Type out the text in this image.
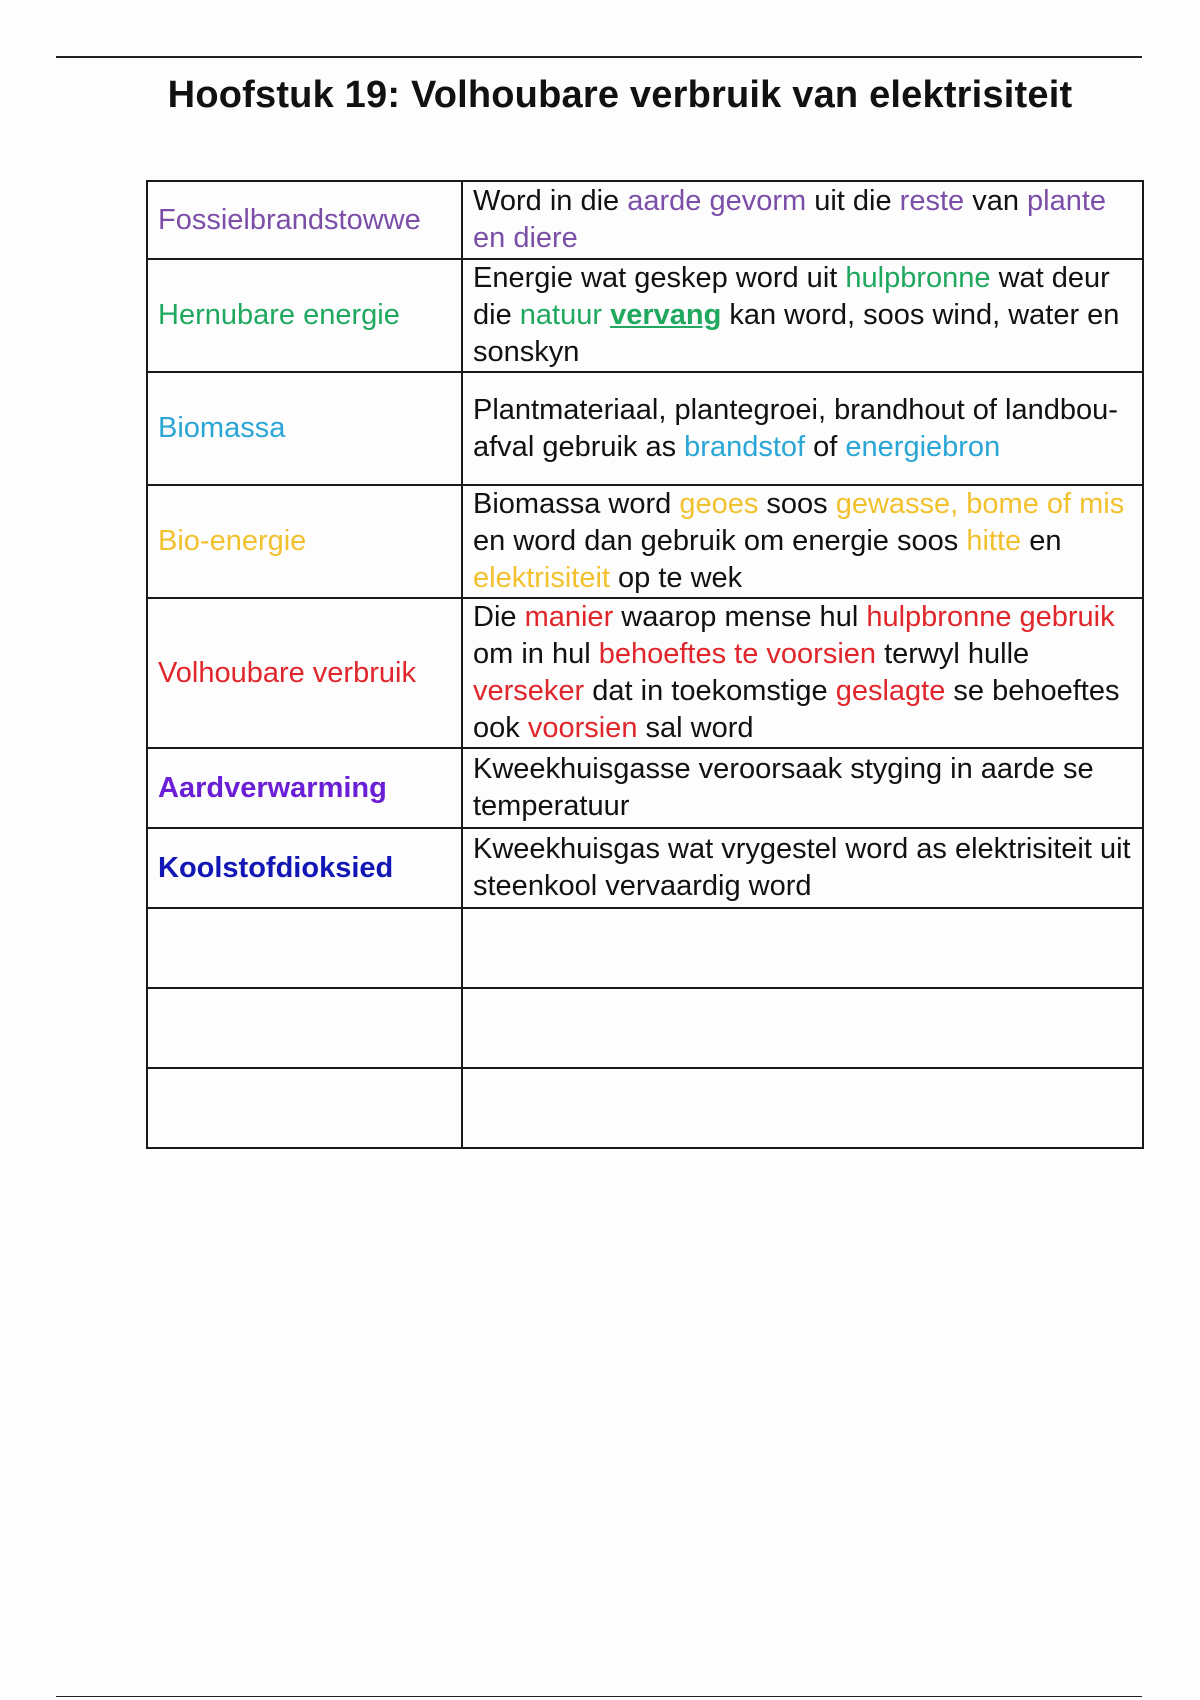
Hoofstuk 19: Volhoubare verbruik van elektrisiteit
Fossielbrandstowwe	Word in die aarde gevorm uit die reste van plante en diere
Hernubare energie	Energie wat geskep word uit hulpbronne wat deur die natuur vervang kan word, soos wind, water en sonskyn
Biomassa	Plantmateriaal, plantegroei, brandhout of landbou-afval gebruik as brandstof of energiebron
Bio-energie	Biomassa word geoes soos gewasse, bome of mis en word dan gebruik om energie soos hitte en elektrisiteit op te wek
Volhoubare verbruik	Die manier waarop mense hul hulpbronne gebruik om in hul behoeftes te voorsien terwyl hulle verseker dat in toekomstige geslagte se behoeftes ook voorsien sal word
Aardverwarming	Kweekhuisgasse veroorsaak styging in aarde se temperatuur
Koolstofdioksied	Kweekhuisgas wat vrygestel word as elektrisiteit uit steenkool vervaardig word
